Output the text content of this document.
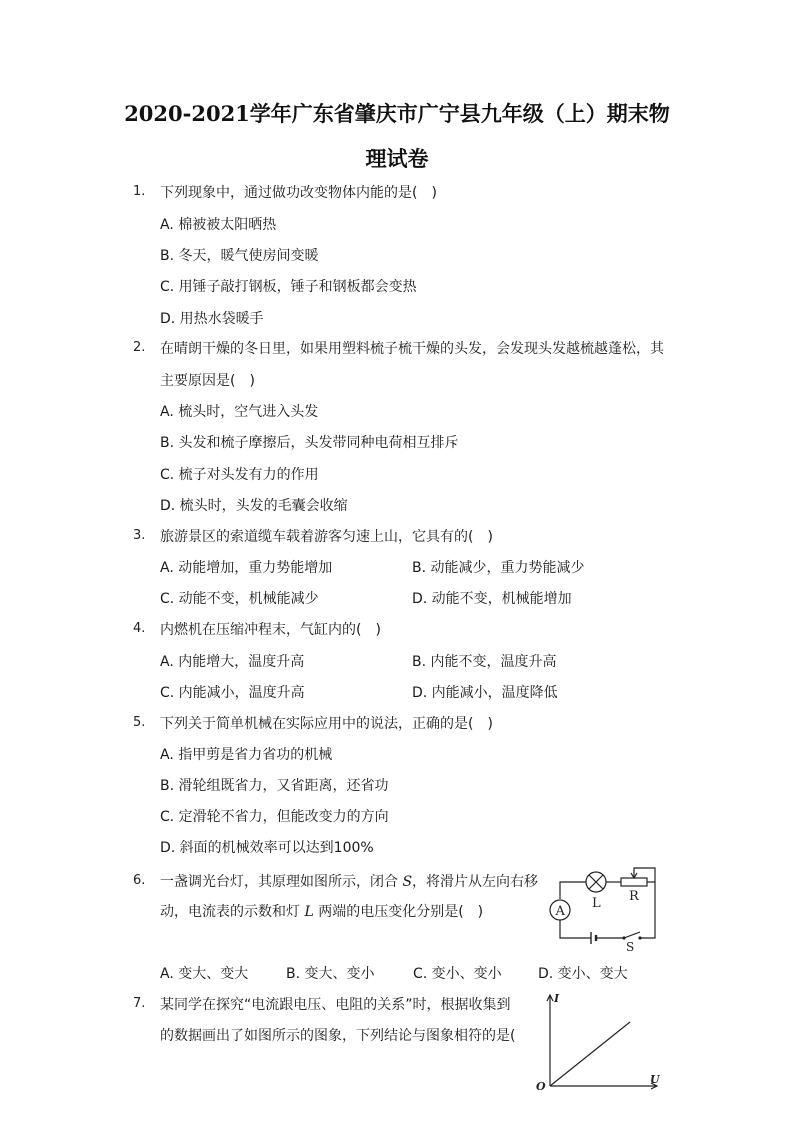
2020-2021学年广东省肇庆市广宁县九年级（上）期末物
理试卷
1. 下列现象中，通过做功改变物体内能的是(　)
A. 棉被被太阳晒热
B. 冬天，暖气使房间变暖
C. 用锤子敲打钢板，锤子和钢板都会变热
D. 用热水袋暖手
2. 在晴朗干燥的冬日里，如果用塑料梳子梳干燥的头发，会发现头发越梳越蓬松，其
主要原因是(　)
A. 梳头时，空气进入头发
B. 头发和梳子摩擦后，头发带同种电荷相互排斥
C. 梳子对头发有力的作用
D. 梳头时，头发的毛囊会收缩
3. 旅游景区的索道缆车载着游客匀速上山，它具有的(　)
A. 动能增加，重力势能增加	B. 动能减少，重力势能减少
C. 动能不变，机械能减少	D. 动能不变，机械能增加
4. 内燃机在压缩冲程末，气缸内的(　)
A. 内能增大，温度升高	B. 内能不变，温度升高
C. 内能减小，温度升高	D. 内能减小，温度降低
5. 下列关于简单机械在实际应用中的说法，正确的是(　)
A. 指甲剪是省力省功的机械
B. 滑轮组既省力，又省距离，还省功
C. 定滑轮不省力，但能改变力的方向
D. 斜面的机械效率可以达到100%
6. 一盏调光台灯，其原理如图所示，闭合 S，将滑片从左向右移
动，电流表的示数和灯 L 两端的电压变化分别是(　)	A
L R
S
A. 变大、变大	B. 变大、变小	C. 变小、变小	D. 变小、变大
7. 某同学在探究“电流跟电压、电阻的关系”时，根据收集到
的数据画出了如图所示的图象，下列结论与图象相符的是(
I
U
O
